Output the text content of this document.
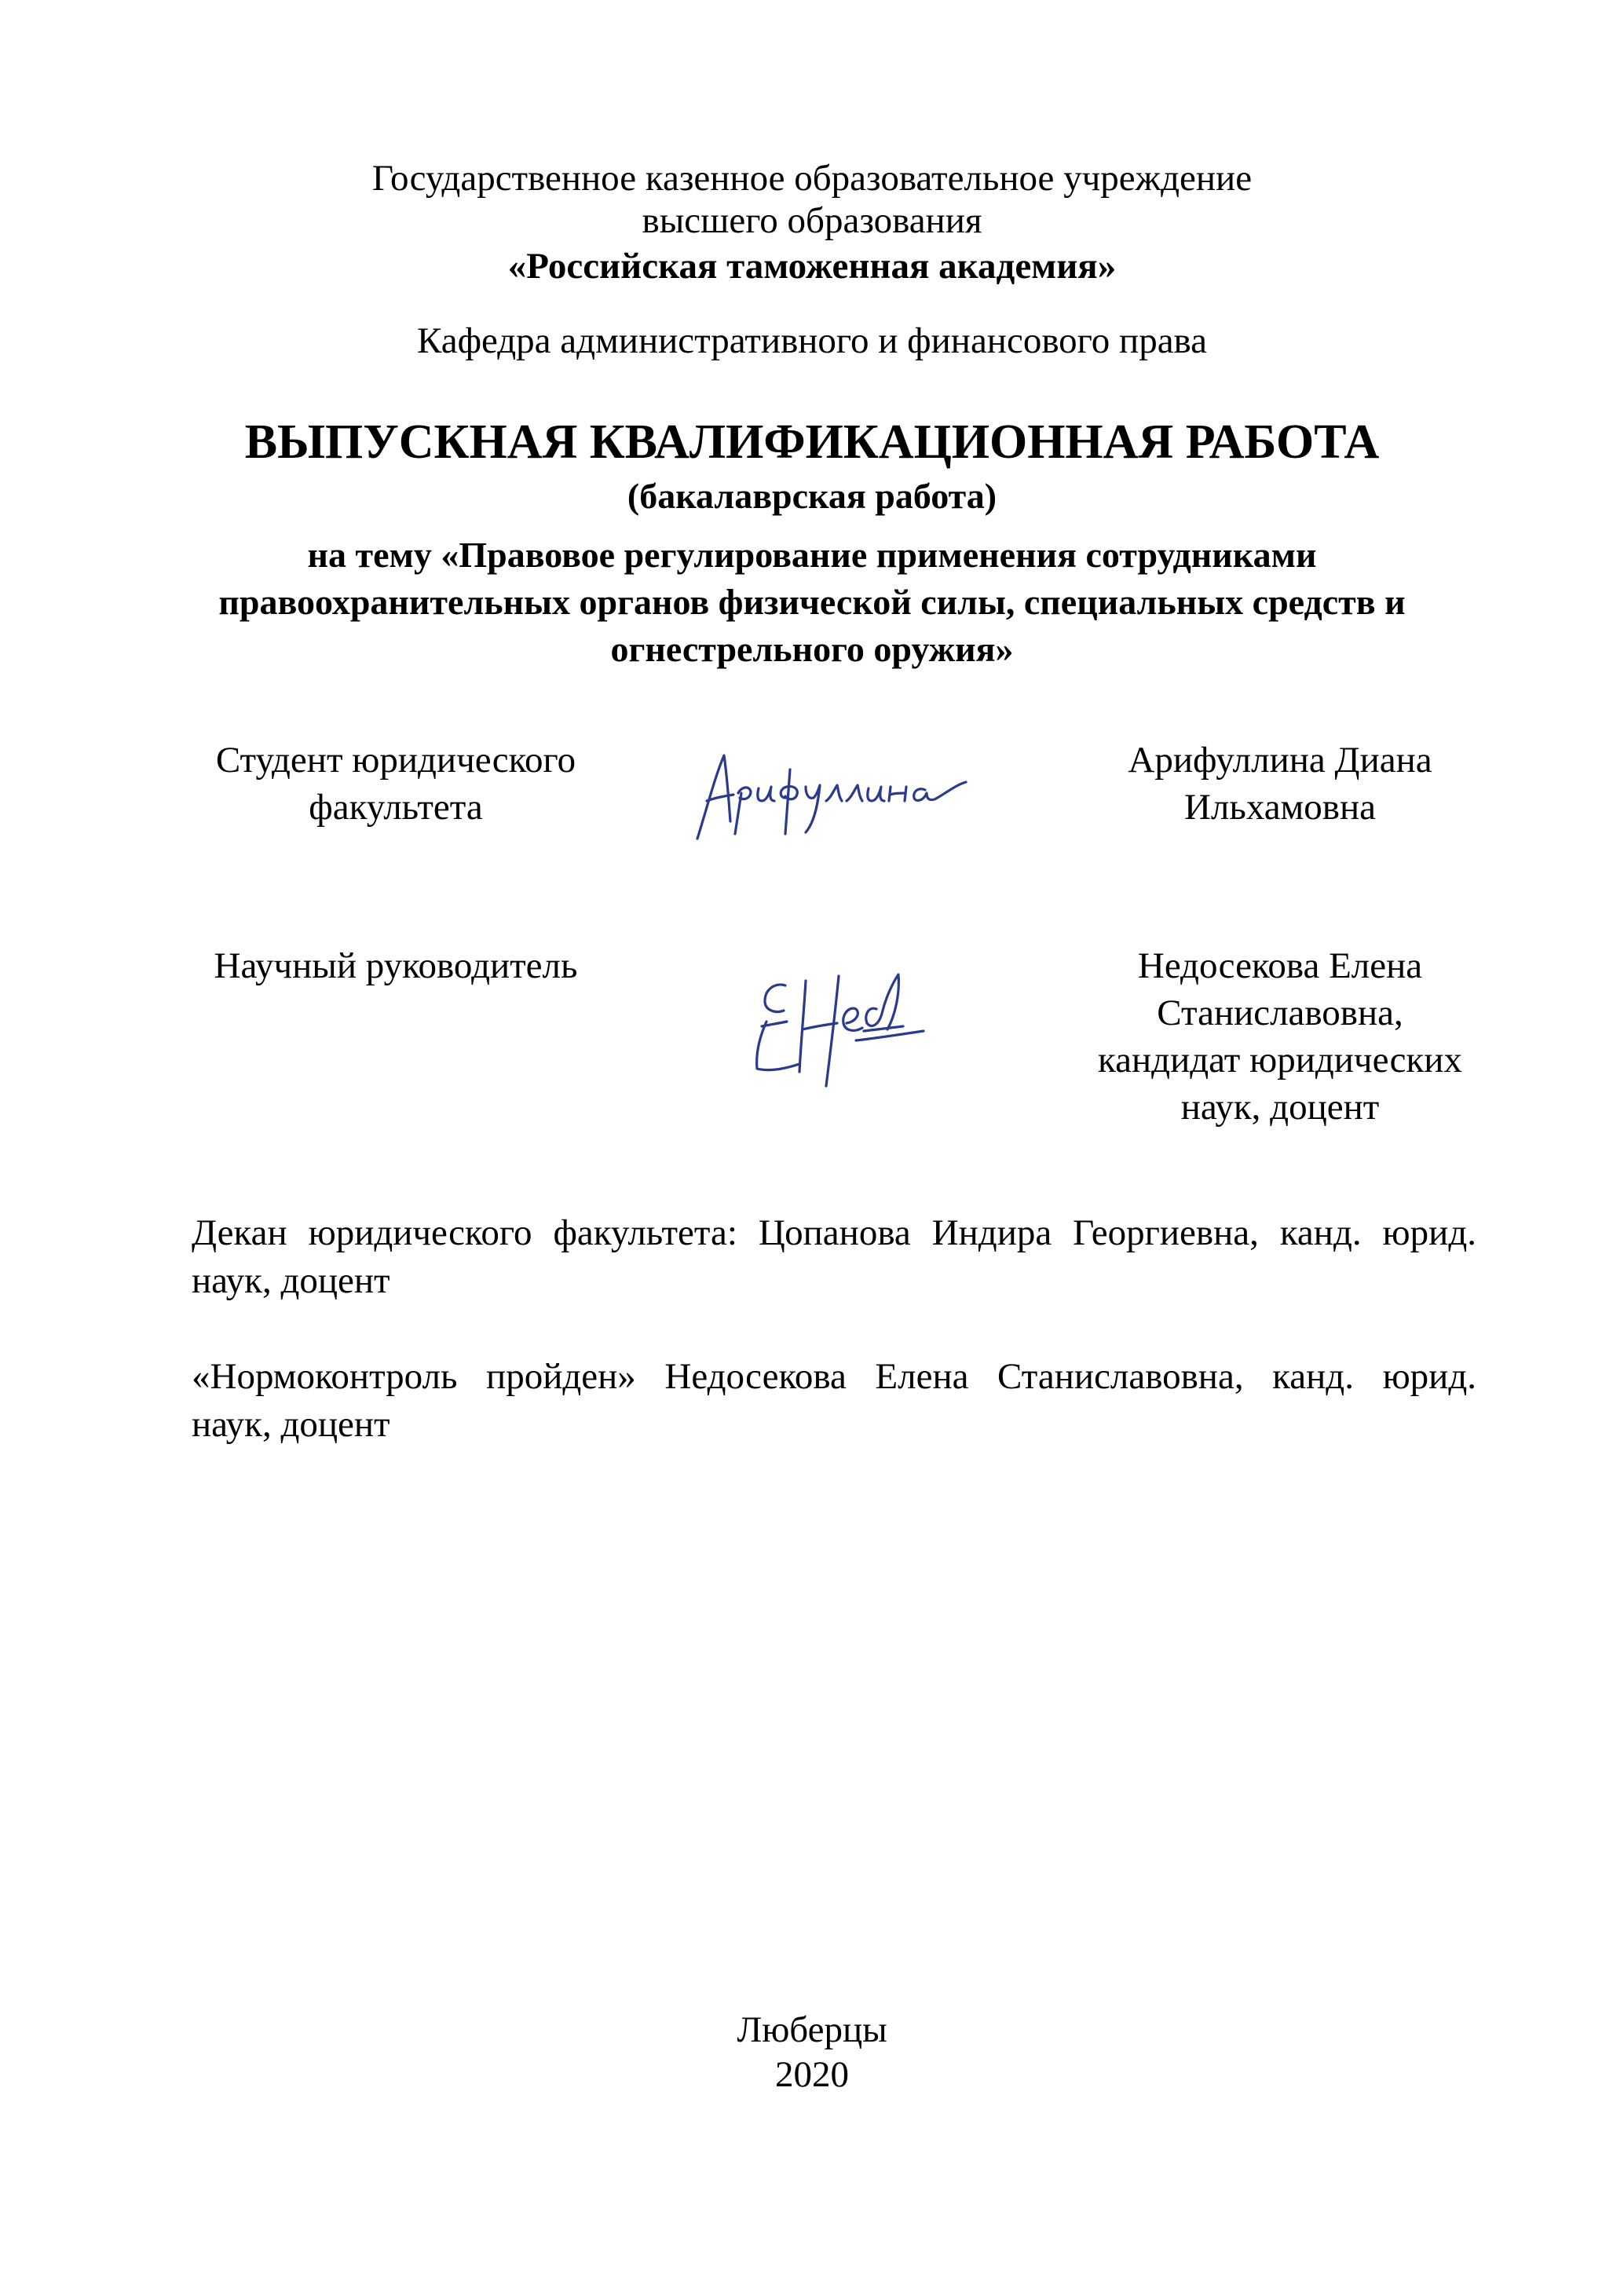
Государственное казенное образовательное учреждение
высшего образования
«Российская таможенная академия»
Кафедра административного и финансового права
ВЫПУСКНАЯ КВАЛИФИКАЦИОННАЯ РАБОТА
(бакалаврская работа)
на тему «Правовое регулирование применения сотрудниками
правоохранительных органов физической силы, специальных средств и
огнестрельного оружия»
Студент юридического
факультета
Арифуллина Диана
Ильхамовна
Научный руководитель	Недосекова Елена
Станиславовна,
кандидат юридических
наук, доцент
Декан юридического факультета: Цопанова Индира Георгиевна, канд. юрид.
наук, доцент
«Нормоконтроль пройден» Недосекова Елена Станиславовна, канд. юрид.
наук, доцент
Люберцы
2020
